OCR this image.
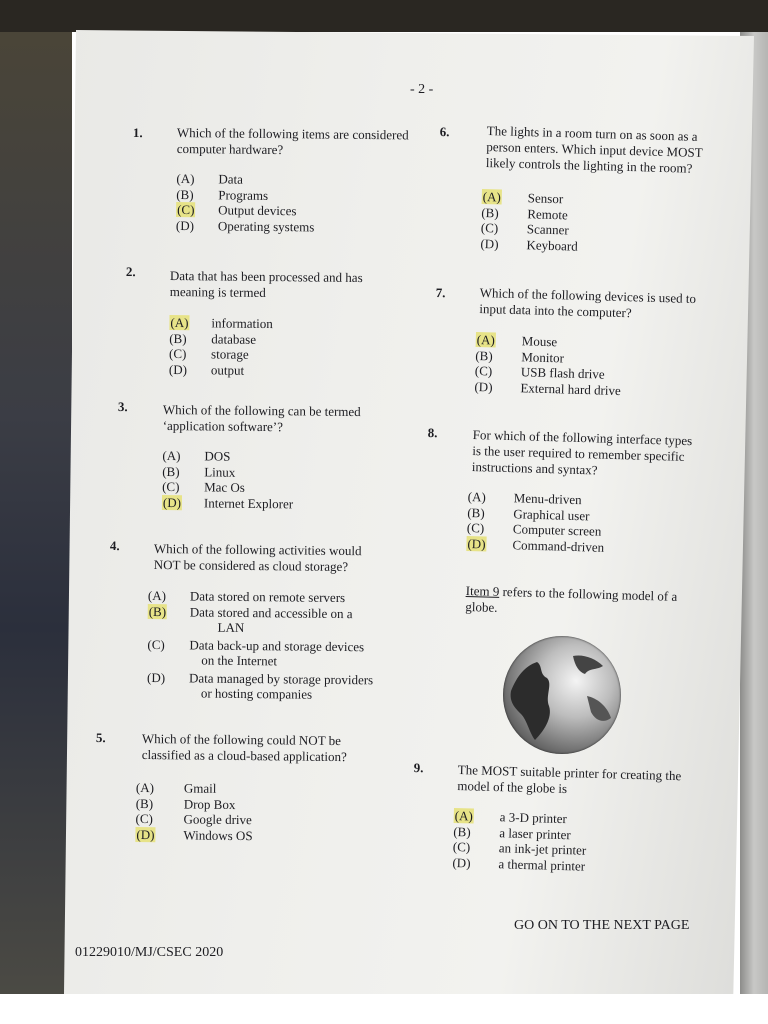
- 2 -
1.	Which of the following items are considered
computer hardware?
(A)	Data
(B)	Programs
(C)	Output devices
(D)	Operating systems
2.	Data that has been processed and has
meaning is termed
(A)	information
(B)	database
(C)	storage
(D)	output
3.	Which of the following can be termed
‘application software’?
(A)	DOS
(B)	Linux
(C)	Mac Os
(D)	Internet Explorer
4.	Which of the following activities would
NOT be considered as cloud storage?
(A)	Data stored on remote servers
(B)	Data stored and accessible on a
LAN
(C)	Data back-up and storage devices
on the Internet
(D)	Data managed by storage providers
or hosting companies
5.	Which of the following could NOT be
classified as a cloud-based application?
(A)	Gmail
(B)	Drop Box
(C)	Google drive
(D)	Windows OS
6.	The lights in a room turn on as soon as a
person enters. Which input device MOST
likely controls the lighting in the room?
(A)	Sensor
(B)	Remote
(C)	Scanner
(D)	Keyboard
7.	Which of the following devices is used to
input data into the computer?
(A)	Mouse
(B)	Monitor
(C)	USB flash drive
(D)	External hard drive
8.	For which of the following interface types
is the user required to remember specific
instructions and syntax?
(A)	Menu-driven
(B)	Graphical user
(C)	Computer screen
(D)	Command-driven
Item 9 refers to the following model of a
globe.
9.	The MOST suitable printer for creating the
model of the globe is
(A)	a 3-D printer
(B)	a laser printer
(C)	an ink-jet printer
(D)	a thermal printer
GO ON TO THE NEXT PAGE
01229010/MJ/CSEC 2020
